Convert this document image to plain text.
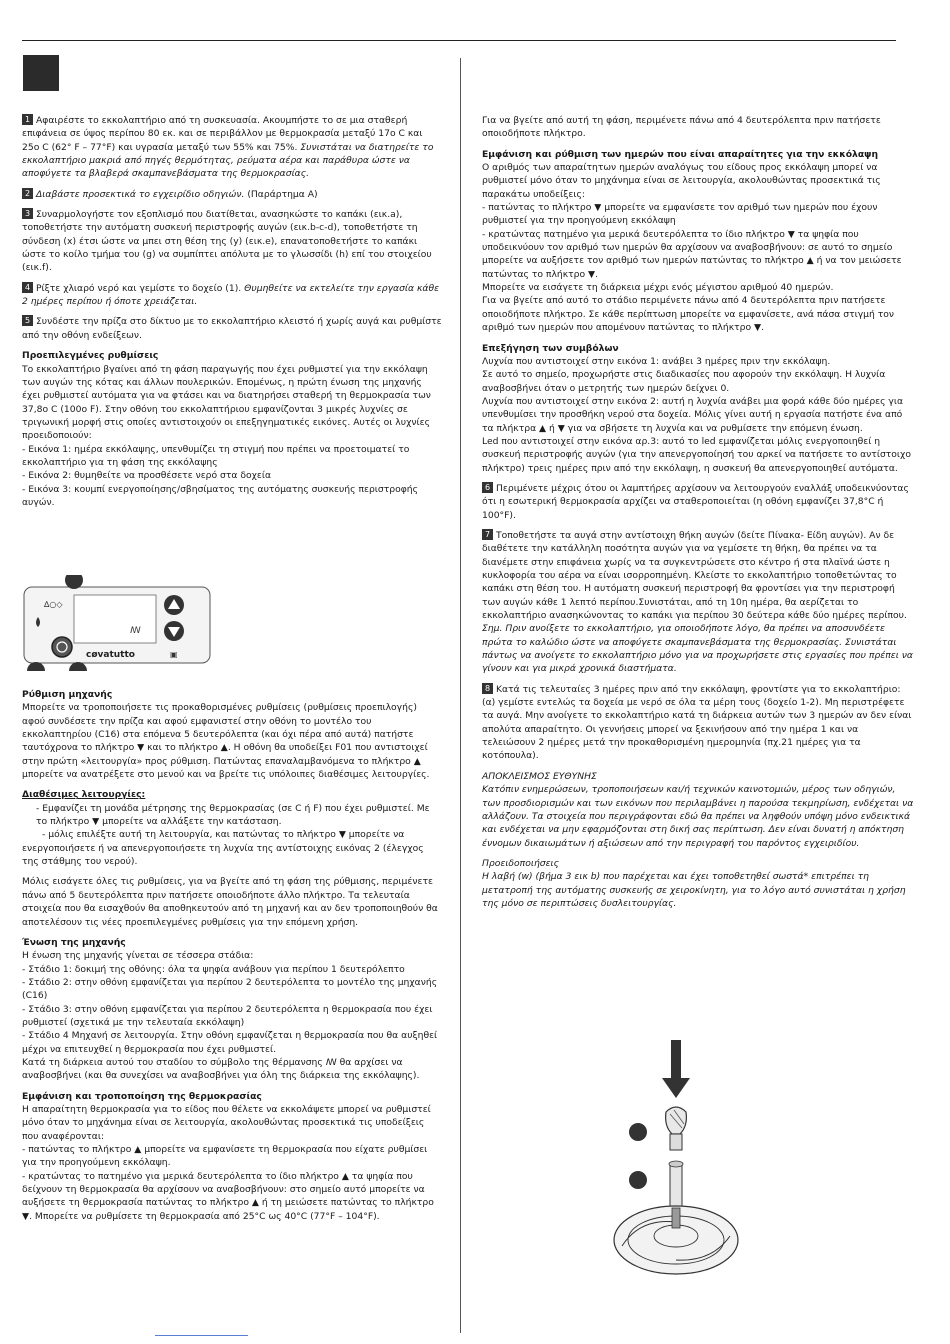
1 Αφαιρέστε το εκκολαπτήριο από τη συσκευασία. Ακουμπήστε το σε μια σταθερή επιφάνεια σε ύψος περίπου 80 εκ. και σε περιβάλλον με θερμοκρασία μεταξύ 17o C και 25o C (62° F – 77°F) και υγρασία μεταξύ των 55% και 75%. Συνιστάται να διατηρείτε το εκκολαπτήριο μακριά από πηγές θερμότητας, ρεύματα αέρα και παράθυρα ώστε να αποφύγετε τα βλαβερά σκαμπανεβάσματα της θερμοκρασίας.

2 Διαβάστε προσεκτικά το εγχειρίδιο οδηγιών. (Παράρτημα A)

3 Συναρμολογήστε τον εξοπλισμό που διατίθεται, ανασηκώστε το καπάκι (εικ.a), τοποθετήστε την αυτόματη συσκευή περιστροφής αυγών (εικ.b-c-d), τοποθετήστε τη σύνδεση (x) έτσι ώστε να μπει στη θέση της (y) (εικ.e), επανατοποθετήστε το καπάκι ώστε το κοίλο τμήμα του (g) να συμπίπτει απόλυτα με το γλωσσίδι (h) επί του στοιχείου (εικ.f).

4 Ρίξτε χλιαρό νερό και γεμίστε το δοχείο (1). Θυμηθείτε να εκτελείτε την εργασία κάθε 2 ημέρες περίπου ή όποτε χρειάζεται.

5 Συνδέστε την πρίζα στο δίκτυο με το εκκολαπτήριο κλειστό ή χωρίς αυγά και ρυθμίστε από την οθόνη ενδείξεων.

Προεπιλεγμένες ρυθμίσεις
Το εκκολαπτήριο βγαίνει από τη φάση παραγωγής που έχει ρυθμιστεί για την εκκόλαψη των αυγών της κότας και άλλων πουλερικών. Επομένως, η πρώτη ένωση της μηχανής έχει ρυθμιστεί αυτόματα για να φτάσει και να διατηρήσει σταθερή τη θερμοκρασία των 37,8o C (100o F). Στην οθόνη του εκκολαπτήριου εμφανίζονται 3 μικρές λυχνίες σε τριγωνική μορφή στις οποίες αντιστοιχούν οι επεξηγηματικές εικόνες. Αυτές οι λυχνίες προειδοποιούν:
- Εικόνα 1: ημέρα εκκόλαψης, υπενθυμίζει τη στιγμή που πρέπει να προετοιματεί το εκκολαπτήριο για τη φάση της εκκόλαψης
- Εικόνα 2: θυμηθείτε να προσθέσετε νερό στα δοχεία
- Εικόνα 3: κουμπί ενεργοποίησης/σβησίματος της αυτόματης συσκευής περιστροφής αυγών.
ꟿ
∆○◇
▣
cøvatutto
Ρύθμιση μηχανής

Μπορείτε να τροποποιήσετε τις προκαθορισμένες ρυθμίσεις (ρυθμίσεις προεπιλογής) αφού συνδέσετε την πρίζα και αφού εμφανιστεί στην οθόνη το μοντέλο του εκκολαπτηρίου (C16) στα επόμενα 5 δευτερόλεπτα (και όχι πέρα από αυτά) πατήστε ταυτόχρονα το πλήκτρο ▼ και το πλήκτρο ▲. Η οθόνη θα υποδείξει F01 που αντιστοιχεί στην πρώτη «λειτουργία» προς ρύθμιση. Πατώντας επαναλαμβανόμενα το πλήκτρο ▲ μπορείτε να ανατρέξετε στο μενού και να βρείτε τις υπόλοιπες διαθέσιμες λειτουργίες.

Διαθέσιμες λειτουργίες:
- Εμφανίζει τη μονάδα μέτρησης της θερμοκρασίας (σε C ή F) που έχει ρυθμιστεί. Με το πλήκτρο ▼ μπορείτε να αλλάξετε την κατάσταση.

- μόλις επιλέξτε αυτή τη λειτουργία, και πατώντας το πλήκτρο ▼ μπορείτε να ενεργοποιήσετε ή να απενεργοποιήσετε τη λυχνία της αντίστοιχης εικόνας 2 (έλεγχος της στάθμης του νερού).

Μόλις εισάγετε όλες τις ρυθμίσεις, για να βγείτε από τη φάση της ρύθμισης, περιμένετε πάνω από 5 δευτερόλεπτα πριν πατήσετε οποιοδήποτε άλλο πλήκτρο. Τα τελευταία στοιχεία που θα εισαχθούν θα αποθηκευτούν από τη μηχανή και αν δεν τροποποιηθούν θα αποτελέσουν τις νέες προεπιλεγμένες ρυθμίσεις για την επόμενη χρήση.

Ένωση της μηχανής
Η ένωση της μηχανής γίνεται σε τέσσερα στάδια:
- Στάδιο 1: δοκιμή της οθόνης: όλα τα ψηφία ανάβουν για περίπου 1 δευτερόλεπτο
- Στάδιο 2: στην οθόνη εμφανίζεται για περίπου 2 δευτερόλεπτα το μοντέλο της μηχανής (C16)
- Στάδιο 3: στην οθόνη εμφανίζεται για περίπου 2 δευτερόλεπτα η θερμοκρασία που έχει ρυθμιστεί (σχετικά με την τελευταία εκκόλαψη)
- Στάδιο 4 Μηχανή σε λειτουργία. Στην οθόνη εμφανίζεται η θερμοκρασία που θα αυξηθεί μέχρι να επιτευχθεί η θερμοκρασία που έχει ρυθμιστεί.

Κατά τη διάρκεια αυτού του σταδίου το σύμβολο της θέρμανσης ꟿ θα αρχίσει να αναβοσβήνει (και θα συνεχίσει να αναβοσβήνει για όλη της διάρκεια της εκκόλαψης).

Εμφάνιση και τροποποίηση της θερμοκρασίας
Η απαραίτητη θερμοκρασία για το είδος που θέλετε να εκκολάψετε μπορεί να ρυθμιστεί μόνο όταν το μηχάνημα είναι σε λειτουργία, ακολουθώντας προσεκτικά τις υποδείξεις που αναφέρονται:
- πατώντας το πλήκτρο ▲ μπορείτε να εμφανίσετε τη θερμοκρασία που είχατε ρυθμίσει για την προηγούμενη εκκόλαψη.
- κρατώντας το πατημένο για μερικά δευτερόλεπτα το ίδιο πλήκτρο ▲ τα ψηφία που δείχνουν τη θερμοκρασία θα αρχίσουν να αναβοσβήνουν: στο σημείο αυτό μπορείτε να αυξήσετε τη θερμοκρασία πατώντας το πλήκτρο ▲ ή τη μειώσετε πατώντας το πλήκτρο ▼. Μπορείτε να ρυθμίσετε τη θερμοκρασία από 25°C ως 40°C (77°F – 104°F).

Για να βγείτε από αυτή τη φάση, περιμένετε πάνω από 4 δευτερόλεπτα πριν πατήσετε οποιοδήποτε πλήκτρο.

Εμφάνιση και ρύθμιση των ημερών που είναι απαραίτητες για την εκκόλαψη
Ο αριθμός των απαραίτητων ημερών αναλόγως του είδους προς εκκόλαψη μπορεί να ρυθμιστεί μόνο όταν το μηχάνημα είναι σε λειτουργία, ακολουθώντας προσεκτικά τις παρακάτω υποδείξεις:
- πατώντας το πλήκτρο ▼ μπορείτε να εμφανίσετε τον αριθμό των ημερών που έχουν ρυθμιστεί για την προηγούμενη εκκόλαψη
- κρατώντας πατημένο για μερικά δευτερόλεπτα το ίδιο πλήκτρο ▼ τα ψηφία που υποδεικνύουν τον αριθμό των ημερών θα αρχίσουν να αναβοσβήνουν: σε αυτό το σημείο μπορείτε να αυξήσετε τον αριθμό των ημερών πατώντας το πλήκτρο ▲ ή να τον μειώσετε πατώντας το πλήκτρο ▼.
Μπορείτε να εισάγετε τη διάρκεια μέχρι ενός μέγιστου αριθμού 40 ημερών.

Για να βγείτε από αυτό το στάδιο περιμένετε πάνω από 4 δευτερόλεπτα πριν πατήσετε οποιοδήποτε πλήκτρο. Σε κάθε περίπτωση μπορείτε να εμφανίσετε, ανά πάσα στιγμή τον αριθμό των ημερών που απομένουν πατώντας το πλήκτρο ▼.

Επεξήγηση των συμβόλων
Λυχνία που αντιστοιχεί στην εικόνα 1: ανάβει 3 ημέρες πριν την εκκόλαψη.
Σε αυτό το σημείο, προχωρήστε στις διαδικασίες που αφορούν την εκκόλαψη. Η λυχνία αναβοσβήνει όταν ο μετρητής των ημερών δείχνει 0.
Λυχνία που αντιστοιχεί στην εικόνα 2: αυτή η λυχνία ανάβει μια φορά κάθε δύο ημέρες για υπενθυμίσει την προσθήκη νερού στα δοχεία. Μόλις γίνει αυτή η εργασία πατήστε ένα από τα πλήκτρα ▲ ή ▼ για να σβήσετε τη λυχνία και να ρυθμίσετε την επόμενη ένωση.

Led που αντιστοιχεί στην εικόνα αρ.3: αυτό το led εμφανίζεται μόλις ενεργοποιηθεί η συσκευή περιστροφής αυγών (για την απενεργοποίησή του αρκεί να πατήσετε το αντίστοιχο πλήκτρο) τρεις ημέρες πριν από την εκκόλαψη, η συσκευή θα απενεργοποιηθεί αυτόματα.

6 Περιμένετε μέχρις ότου οι λαμπτήρες αρχίσουν να λειτουργούν εναλλάξ υποδεικνύοντας ότι η εσωτερική θερμοκρασία αρχίζει να σταθεροποιείται (η οθόνη εμφανίζει 37,8°C ή 100°F).

7 Τοποθετήστε τα αυγά στην αντίστοιχη θήκη αυγών (δείτε Πίνακα- Είδη αυγών). Αν δε διαθέτετε την κατάλληλη ποσότητα αυγών για να γεμίσετε τη θήκη, θα πρέπει να τα διανέμετε στην επιφάνεια χωρίς να τα συγκεντρώσετε στο κέντρο ή στα πλαϊνά ώστε η κυκλοφορία του αέρα να είναι ισορροπημένη. Κλείστε το εκκολαπτήριο τοποθετώντας το καπάκι στη θέση του. Η αυτόματη συσκευή περιστροφή θα φροντίσει για την περιστροφή των αυγών κάθε 1 λεπτό περίπου.Συνιστάται, από τη 10η ημέρα, θα αερίζεται το εκκολαπτήριο ανασηκώνοντας το καπάκι για περίπου 30 δεύτερα κάθε δύο ημέρες περίπου. Σημ. Πριν ανοίξετε το εκκολαπτήριο, για οποιοδήποτε λόγο, θα πρέπει να αποσυνδέετε πρώτα το καλώδιο ώστε να αποφύγετε σκαμπανεβάσματα της θερμοκρασίας. Συνιστάται πάντως να ανοίγετε το εκκολαπτήριο μόνο για να προχωρήσετε στις εργασίες που πρέπει να γίνουν και για μικρά χρονικά διαστήματα.

8 Κατά τις τελευταίες 3 ημέρες πριν από την εκκόλαψη, φροντίστε για το εκκολαπτήριο: (α) γεμίστε εντελώς τα δοχεία με νερό σε όλα τα μέρη τους (δοχείο 1-2). Μη περιστρέφετε τα αυγά. Μην ανοίγετε το εκκολαπτήριο κατά τη διάρκεια αυτών των 3 ημερών αν δεν είναι απολύτα απαραίτητο. Οι γεννήσεις μπορεί να ξεκινήσουν από την ημέρα 1 και να τελειώσουν 2 ημέρες μετά την προκαθορισμένη ημερομηνία (πχ.21 ημέρες για τα κοτόπουλα).

ΑΠΟΚΛΕΙΣΜΟΣ ΕΥΘΥΝΗΣ

Κατόπιν ενημερώσεων, τροποποιήσεων και/ή τεχνικών καινοτομιών, μέρος των οδηγιών, των προσδιορισμών και των εικόνων που περιλαμβάνει η παρούσα τεκμηρίωση, ενδέχεται να αλλάζουν. Τα στοιχεία που περιγράφονται εδώ θα πρέπει να ληφθούν υπόψη μόνο ενδεικτικά και ενδέχεται να μην εφαρμόζονται στη δική σας περίπτωση. Δεν είναι δυνατή η απόκτηση έννομων δικαιωμάτων ή αξιώσεων από την περιγραφή του παρόντος εγχειριδίου.

Προειδοποιήσεις

Η λαβή (w) (βήμα 3 εικ b) που παρέχεται και έχει τοποθετηθεί σωστά* επιτρέπει τη μετατροπή της αυτόματης συσκευής σε χειροκίνητη, για το λόγο αυτό συνιστάται η χρήση της μόνο σε περιπτώσεις δυσλειτουργίας.
